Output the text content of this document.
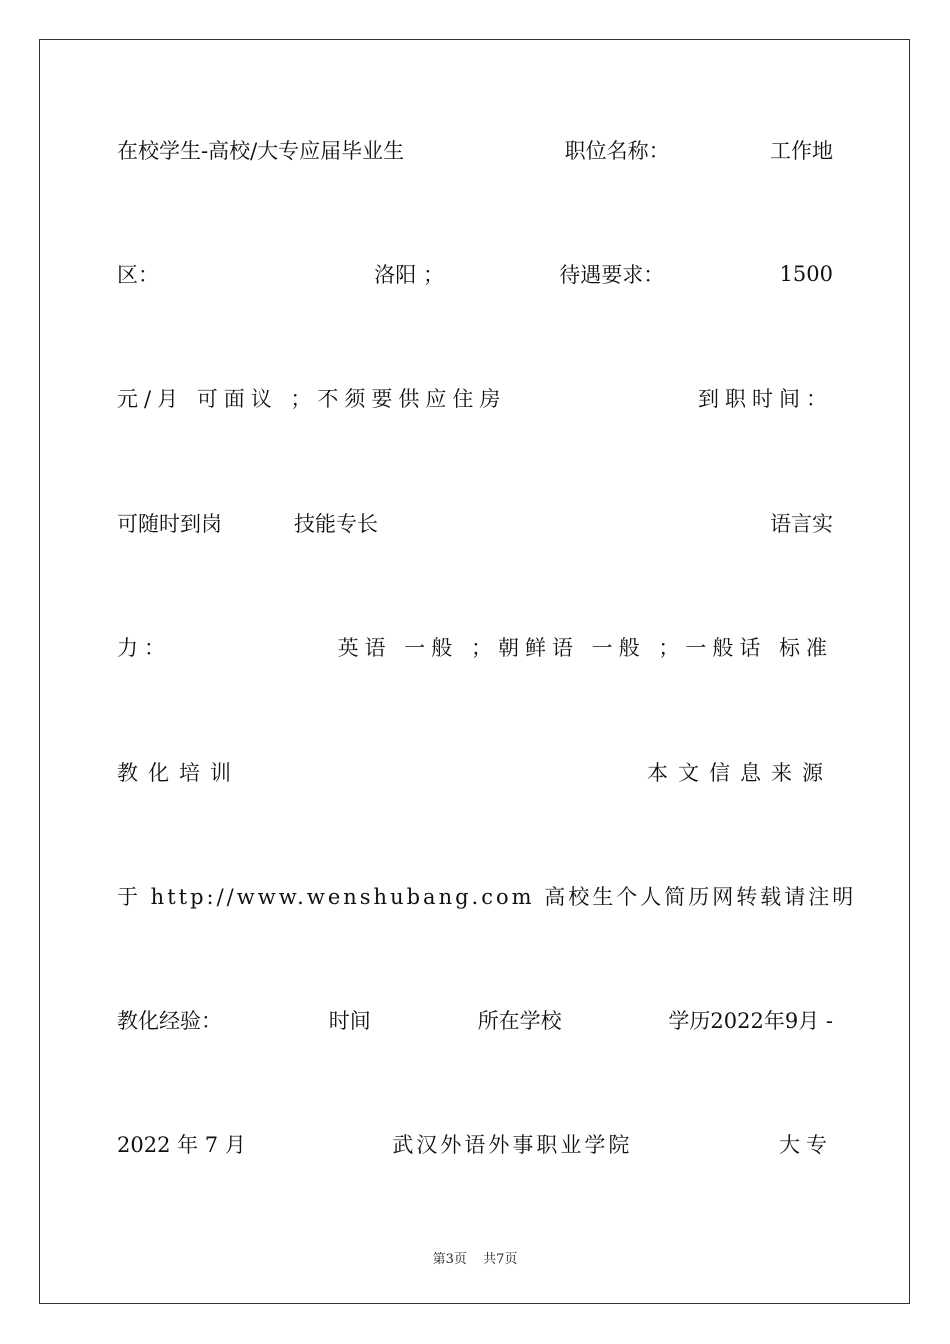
在校学生-高校/大专应届毕业生	职位名称：	工作地
区：	洛阳 ；	待遇要求：	1500
元/月 可面议 ；不须要供应住房	到职时间：
可随时到岗	技能专长	语言实
力：	英语 一般 ；朝鲜语 一般 ；一般话 标准
教化培训	本文信息来源
于 http://www.wenshubang.com 高校生个人简历网转载请注明
教化经验：	时间	所在学校	学历2022年9月 -
2022 年 7 月	武汉外语外事职业学院	大专
第3页 共7页
